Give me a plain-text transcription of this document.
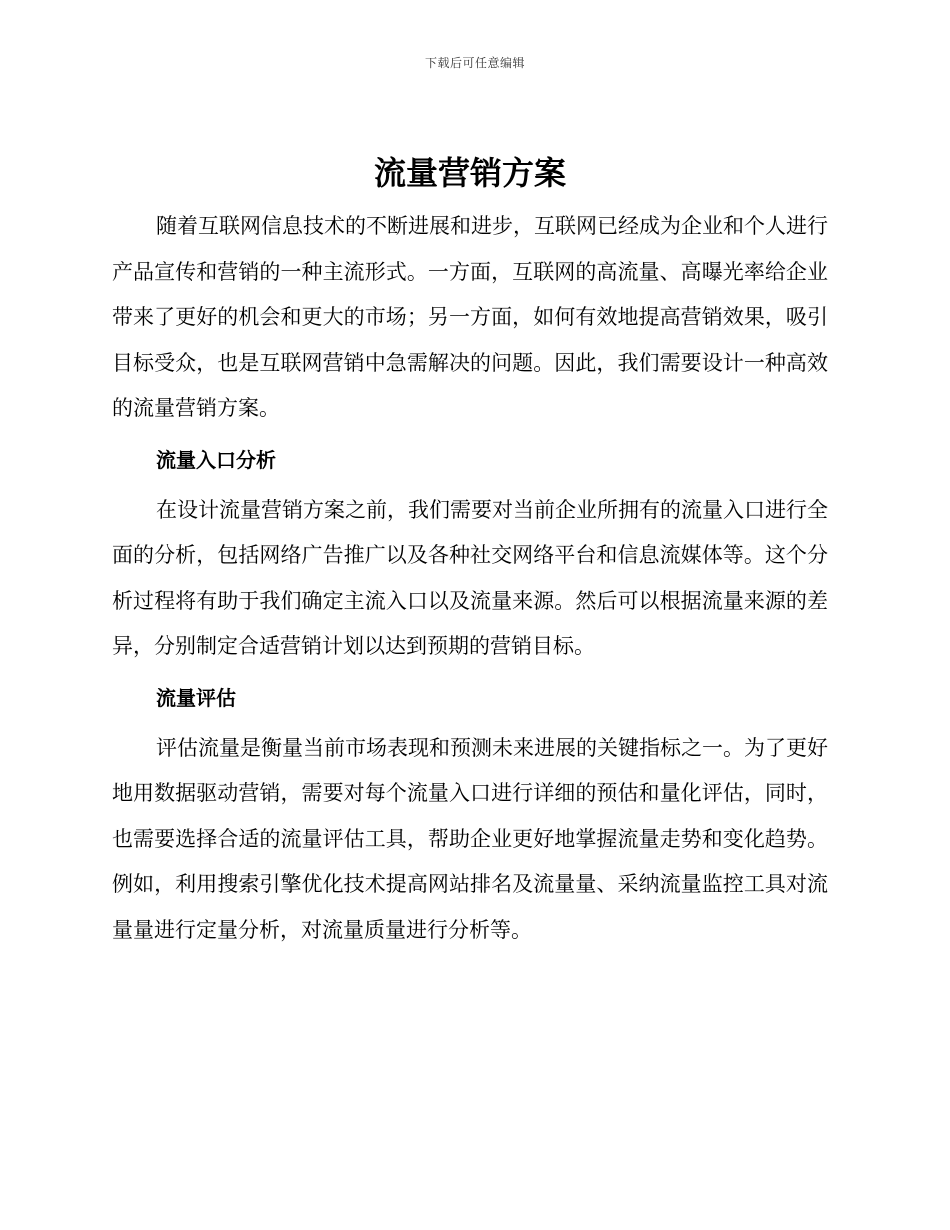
下载后可任意编辑
流量营销方案

随着互联网信息技术的不断进展和进步，互联网已经成为企业和个人进行产品宣传和营销的一种主流形式。一方面，互联网的高流量、高曝光率给企业带来了更好的机会和更大的市场；另一方面，如何有效地提高营销效果，吸引目标受众，也是互联网营销中急需解决的问题。因此，我们需要设计一种高效的流量营销方案。

流量入口分析

在设计流量营销方案之前，我们需要对当前企业所拥有的流量入口进行全面的分析，包括网络广告推广以及各种社交网络平台和信息流媒体等。这个分析过程将有助于我们确定主流入口以及流量来源。然后可以根据流量来源的差异，分别制定合适营销计划以达到预期的营销目标。

流量评估

评估流量是衡量当前市场表现和预测未来进展的关键指标之一。为了更好地用数据驱动营销，需要对每个流量入口进行详细的预估和量化评估，同时，也需要选择合适的流量评估工具，帮助企业更好地掌握流量走势和变化趋势。例如，利用搜索引擎优化技术提高网站排名及流量量、采纳流量监控工具对流量量进行定量分析，对流量质量进行分析等。
